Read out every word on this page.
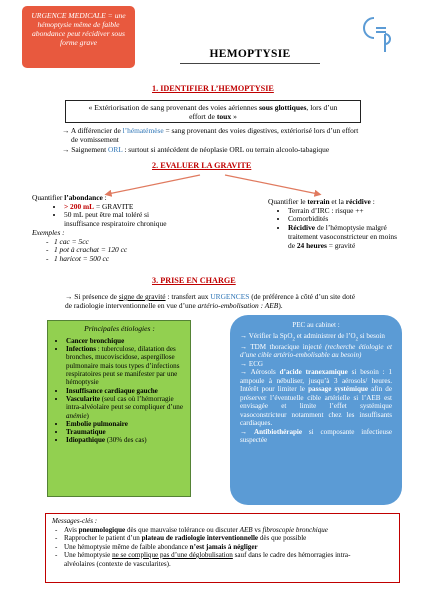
URGENCE MEDICALE = une
hémoptysie même de faible
abondance peut récidiver sous
forme grave
HEMOPTYSIE
1. IDENTIFIER L’HEMOPTYSIE
« Extériorisation de sang provenant des voies aériennes sous glottiques, lors d’un
effort de toux »
→ A différencier de l’hématémèse = sang provenant des voies digestives, extériorisé lors d’un effort
de vomissement
→ Saignement ORL : surtout si antécédent de néoplasie ORL ou terrain alcoolo-tabagique
2. EVALUER LA GRAVITE
Quantifier l’abondance :
• > 200 mL = GRAVITE
• 50 mL peut être mal toléré si
insuffisance respiratoire chronique
Exemples :
-   1 cac = 5cc
-   1 pot à crachat = 120 cc
-   1 haricot = 500 cc
Quantifier le terrain et la récidive :
• Terrain d’IRC : risque ++
• Comorbidités
• Récidive de l’hémoptysie malgré
traitement vasoconstricteur en moins
de 24 heures = gravité
3. PRISE EN CHARGE
→ Si présence de signe de gravité : transfert aux URGENCES (de préférence à côté d’un site doté
de radiologie interventionnelle en vue d’une artério-embolisation : AEB).
Principales étiologies :
• Cancer bronchique
• Infections : tuberculose, dilatation des bronches, mucoviscidose, aspergillose pulmonaire mais tous types d’infections respiratoires peut se manifester par une hémoptysie
• Insuffisance cardiaque gauche
• Vascularite (seul cas où l’hémorragie intra-alvéolaire peut se compliquer d’une anémie)
• Embolie pulmonaire
• Traumatique
• Idiopathique (30% des cas)
PEC au cabinet :
→ Vérifier la SpO$_2$ et administrer de $l’O_2$ si besoin
→ TDM thoracique injecté (recherche étiologie et d’une cible artério-embolisable au besoin)
→ ECG
→ Aérosols d’acide tranexamique si besoin : 1 ampoule à nébuliser, jusqu’à 3 aérosols/ heures. Intérêt pour limiter le passage systémique afin de préserver l’éventuelle cible artérielle si l’AEB est envisagée et limite l’effet systémique vasoconstricteur notamment chez les insuffisants cardiaques.
→ Antibiothérapie si composante infectieuse suspectée
Messages-clés :
- Avis pneumologique dès que mauvaise tolérance ou discuter AEB vs fibroscopie bronchique
- Rapprocher le patient d’un plateau de radiologie interventionnelle dès que possible
- Une hémoptysie même de faible abondance n’est jamais à négliger
- Une hémoptysie ne se complique pas d’une déglobulisation sauf dans le cadre des hémorragies intra-
alvéolaires (contexte de vascularites).
